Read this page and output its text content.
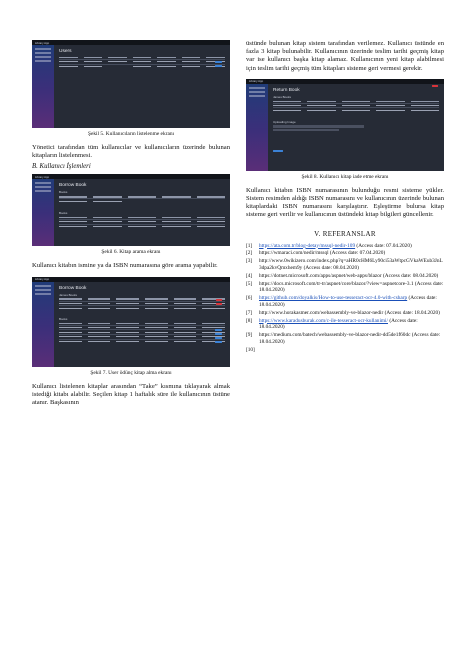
Library App
Users
Şekil 5. Kullanıcıların listelenme ekranı

Yönetici tarafından tüm kullanıcılar ve kullanıcıların üzerinde bulunan kitapların listelenmesi.

B. Kullanıcı İşlemleri
Library App
Borrow Book
Books
Books
Şekil 6. Kitap arama ekranı

Kullanıcı kitabın ismine ya da ISBN numarasına göre arama yapabilir.

Library App
Borrow Book
James Books
Books
Şekil 7. User ödünç kitap alma ekranı

Kullanıcı listelenen kitaplar arasından “Take” kısmına tıklayarak almak istediği kitabı alabilir. Seçilen kitap 1 haftalık süre ile kullanıcının üstüne atanır. Başkasının

üstünde bulunan kitap sistem tarafından verilemez. Kullanıcı üstünde en fazla 3 kitap bulunabilir. Kullanıcının üzerinde teslim tarihi geçmiş kitap var ise kullanıcı başka kitap alamaz. Kullanıcının yeni kitap alabilmesi için teslim tarihi geçmiş tüm kitapları sisteme geri vermesi gerekir.

Library App
Return Book
James Books
Uploading Image
Şekil 8. Kullanıcı kitap iade etme ekranı

Kullanıcı kitabın ISBN numarasının bulunduğu resmi sisteme yükler. Sistem resimden aldığı ISBN numarasını ve kullanıcının üzerinde bulunan kitaplardaki ISBN numarasını karşılaştırır. Eşleştirme bulursa kitap sisteme geri verilir ve kullanıcının üstündeki kitap bilgileri güncellenir.

V. REFERANSLAR
[1]	https://ata.com.tr/blog-detay/mssql-nedir-109 (Access date: 07.04.2020)
[2]	https://wmaraci.com/nedir/mssql (Access date: 07.04.2020)
[3]	http://www.0wikizero.com/index.php?q=aHR0cHM6Ly90ci53aWtpcGVkaWEub3JnL3dpa2kvQmxhem9y (Access date: 08.04.2020)
[4]	https://dotnet.microsoft.com/apps/aspnet/web-apps/blazor (Access date: 08.04.2020)
[5]	https://docs.microsoft.com/tr-tr/aspnet/core/blazor/?view=aspnetcore-3.1 (Access date: 18.04.2020)
[6]	https://github.com/doyalkis/How-to-use-tesseract-ocr-4.0-with-csharp (Access date: 18.04.2020)
[7]	http://www.horakasmer.com/webassembly-ve-blazor-nedir (Access date: 18.04.2020)
[8]	https://www.karadusburak.com/c-ile-tesseract-ocr-kullanimi/ (Access date: 18.04.2020)
[9]	https://medium.com/batech/webassembly-ve-blazor-nedir-dd5de1f60dc (Access date: 18.04.2020)
[10]
